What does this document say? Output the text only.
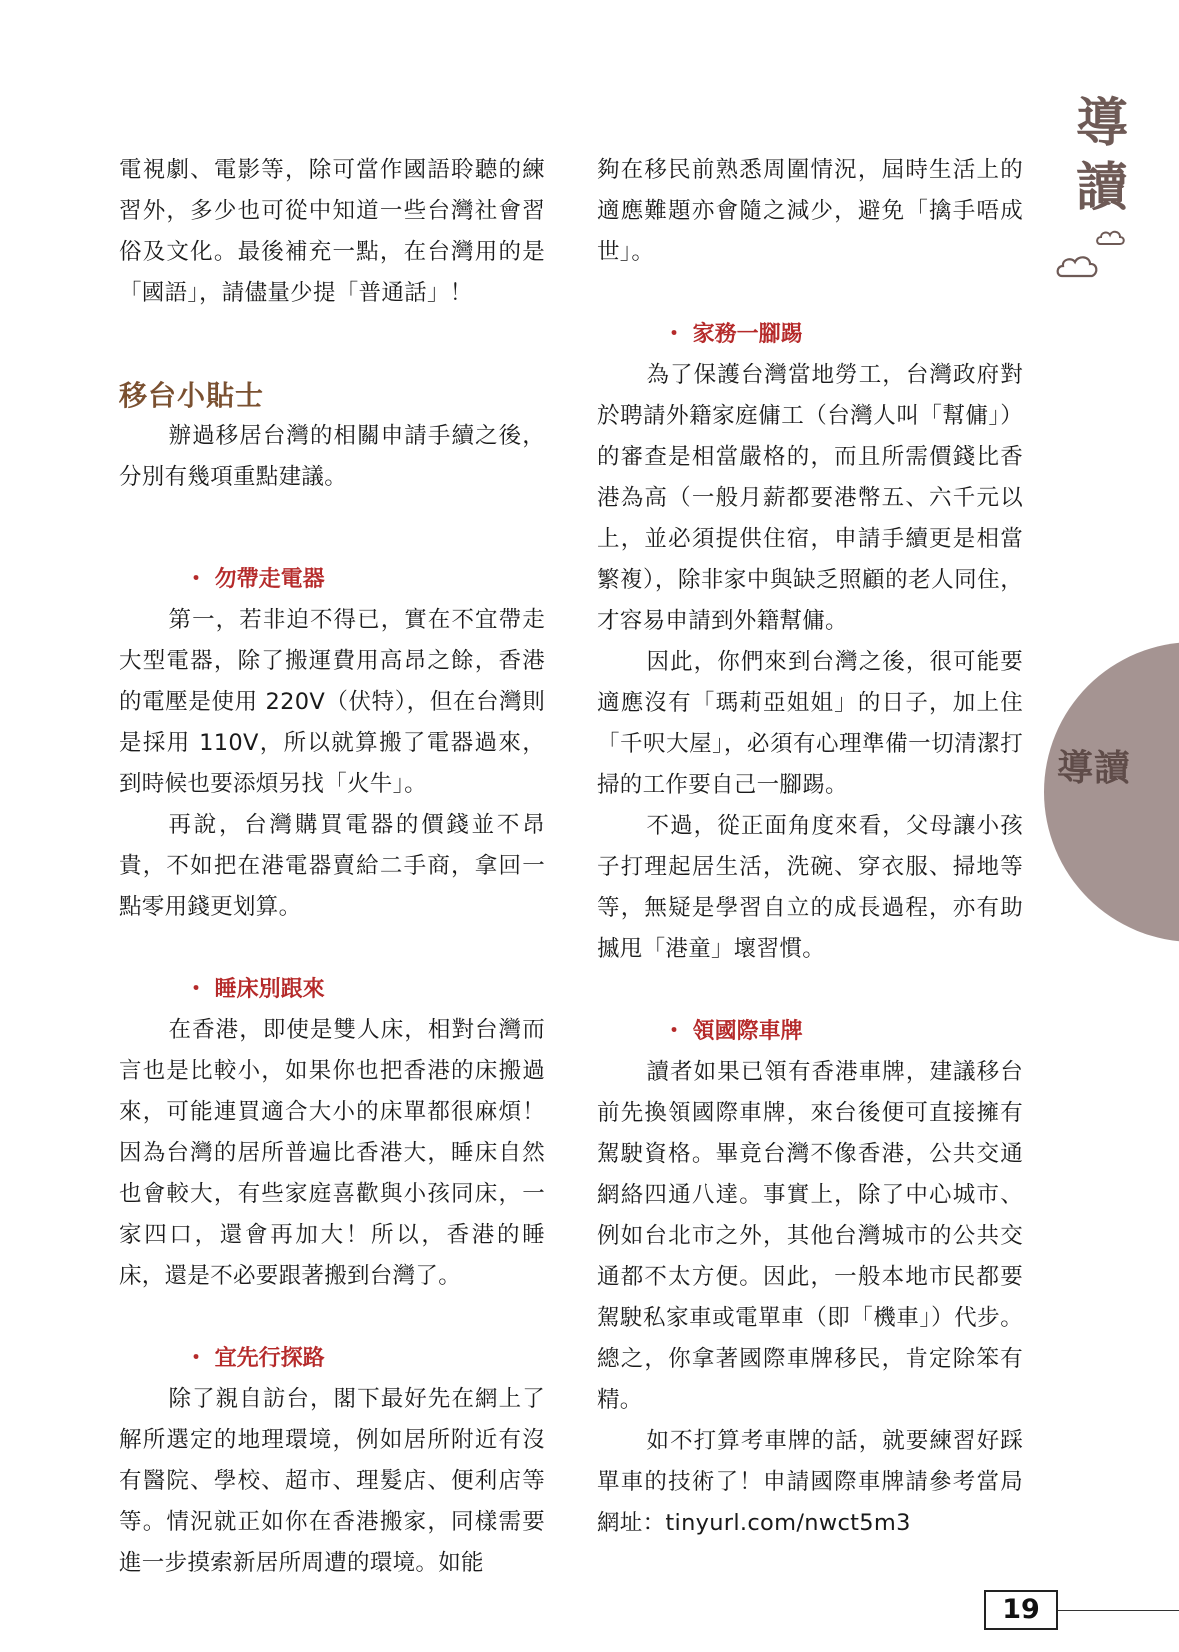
導
讀
導讀

電視劇、電影等，除可當作國語聆聽的練習外，多少也可從中知道一些台灣社會習俗及文化。最後補充一點，在台灣用的是「國語」，請儘量少提「普通話」！

移台小貼士

辦過移居台灣的相關申請手續之後，分別有幾項重點建議。

・ 勿帶走電器

第一，若非迫不得已，實在不宜帶走大型電器，除了搬運費用高昂之餘，香港的電壓是使用 220V（伏特），但在台灣則是採用 110V，所以就算搬了電器過來，到時候也要添煩另找「火牛」。

再說，台灣購買電器的價錢並不昂貴，不如把在港電器賣給二手商，拿回一點零用錢更划算。

・ 睡床別跟來

在香港，即使是雙人床，相對台灣而言也是比較小，如果你也把香港的床搬過來，可能連買適合大小的床單都很麻煩！因為台灣的居所普遍比香港大，睡床自然也會較大，有些家庭喜歡與小孩同床，一家四口，還會再加大！所以，香港的睡床，還是不必要跟著搬到台灣了。

・ 宜先行探路

除了親自訪台，閣下最好先在網上了解所選定的地理環境，例如居所附近有沒有醫院、學校、超市、理髮店、便利店等等。情況就正如你在香港搬家，同樣需要進一步摸索新居所周遭的環境。如能

夠在移民前熟悉周圍情況，屆時生活上的適應難題亦會隨之減少，避免「擒手唔成世」。

・ 家務一腳踢

為了保護台灣當地勞工，台灣政府對於聘請外籍家庭傭工（台灣人叫「幫傭」）的審查是相當嚴格的，而且所需價錢比香港為高（一般月薪都要港幣五、六千元以上，並必須提供住宿，申請手續更是相當繁複），除非家中與缺乏照顧的老人同住，才容易申請到外籍幫傭。

因此，你們來到台灣之後，很可能要適應沒有「瑪莉亞姐姐」的日子，加上住「千呎大屋」，必須有心理準備一切清潔打掃的工作要自己一腳踢。

不過，從正面角度來看，父母讓小孩子打理起居生活，洗碗、穿衣服、掃地等等，無疑是學習自立的成長過程，亦有助摵甩「港童」壞習慣。

・ 領國際車牌

讀者如果已領有香港車牌，建議移台前先換領國際車牌，來台後便可直接擁有駕駛資格。畢竟台灣不像香港，公共交通網絡四通八達。事實上，除了中心城市、例如台北市之外，其他台灣城市的公共交通都不太方便。因此，一般本地市民都要駕駛私家車或電單車（即「機車」）代步。總之，你拿著國際車牌移民，肯定除笨有精。

如不打算考車牌的話，就要練習好踩單車的技術了！申請國際車牌請參考當局網址：tinyurl.com/nwct5m3

19
